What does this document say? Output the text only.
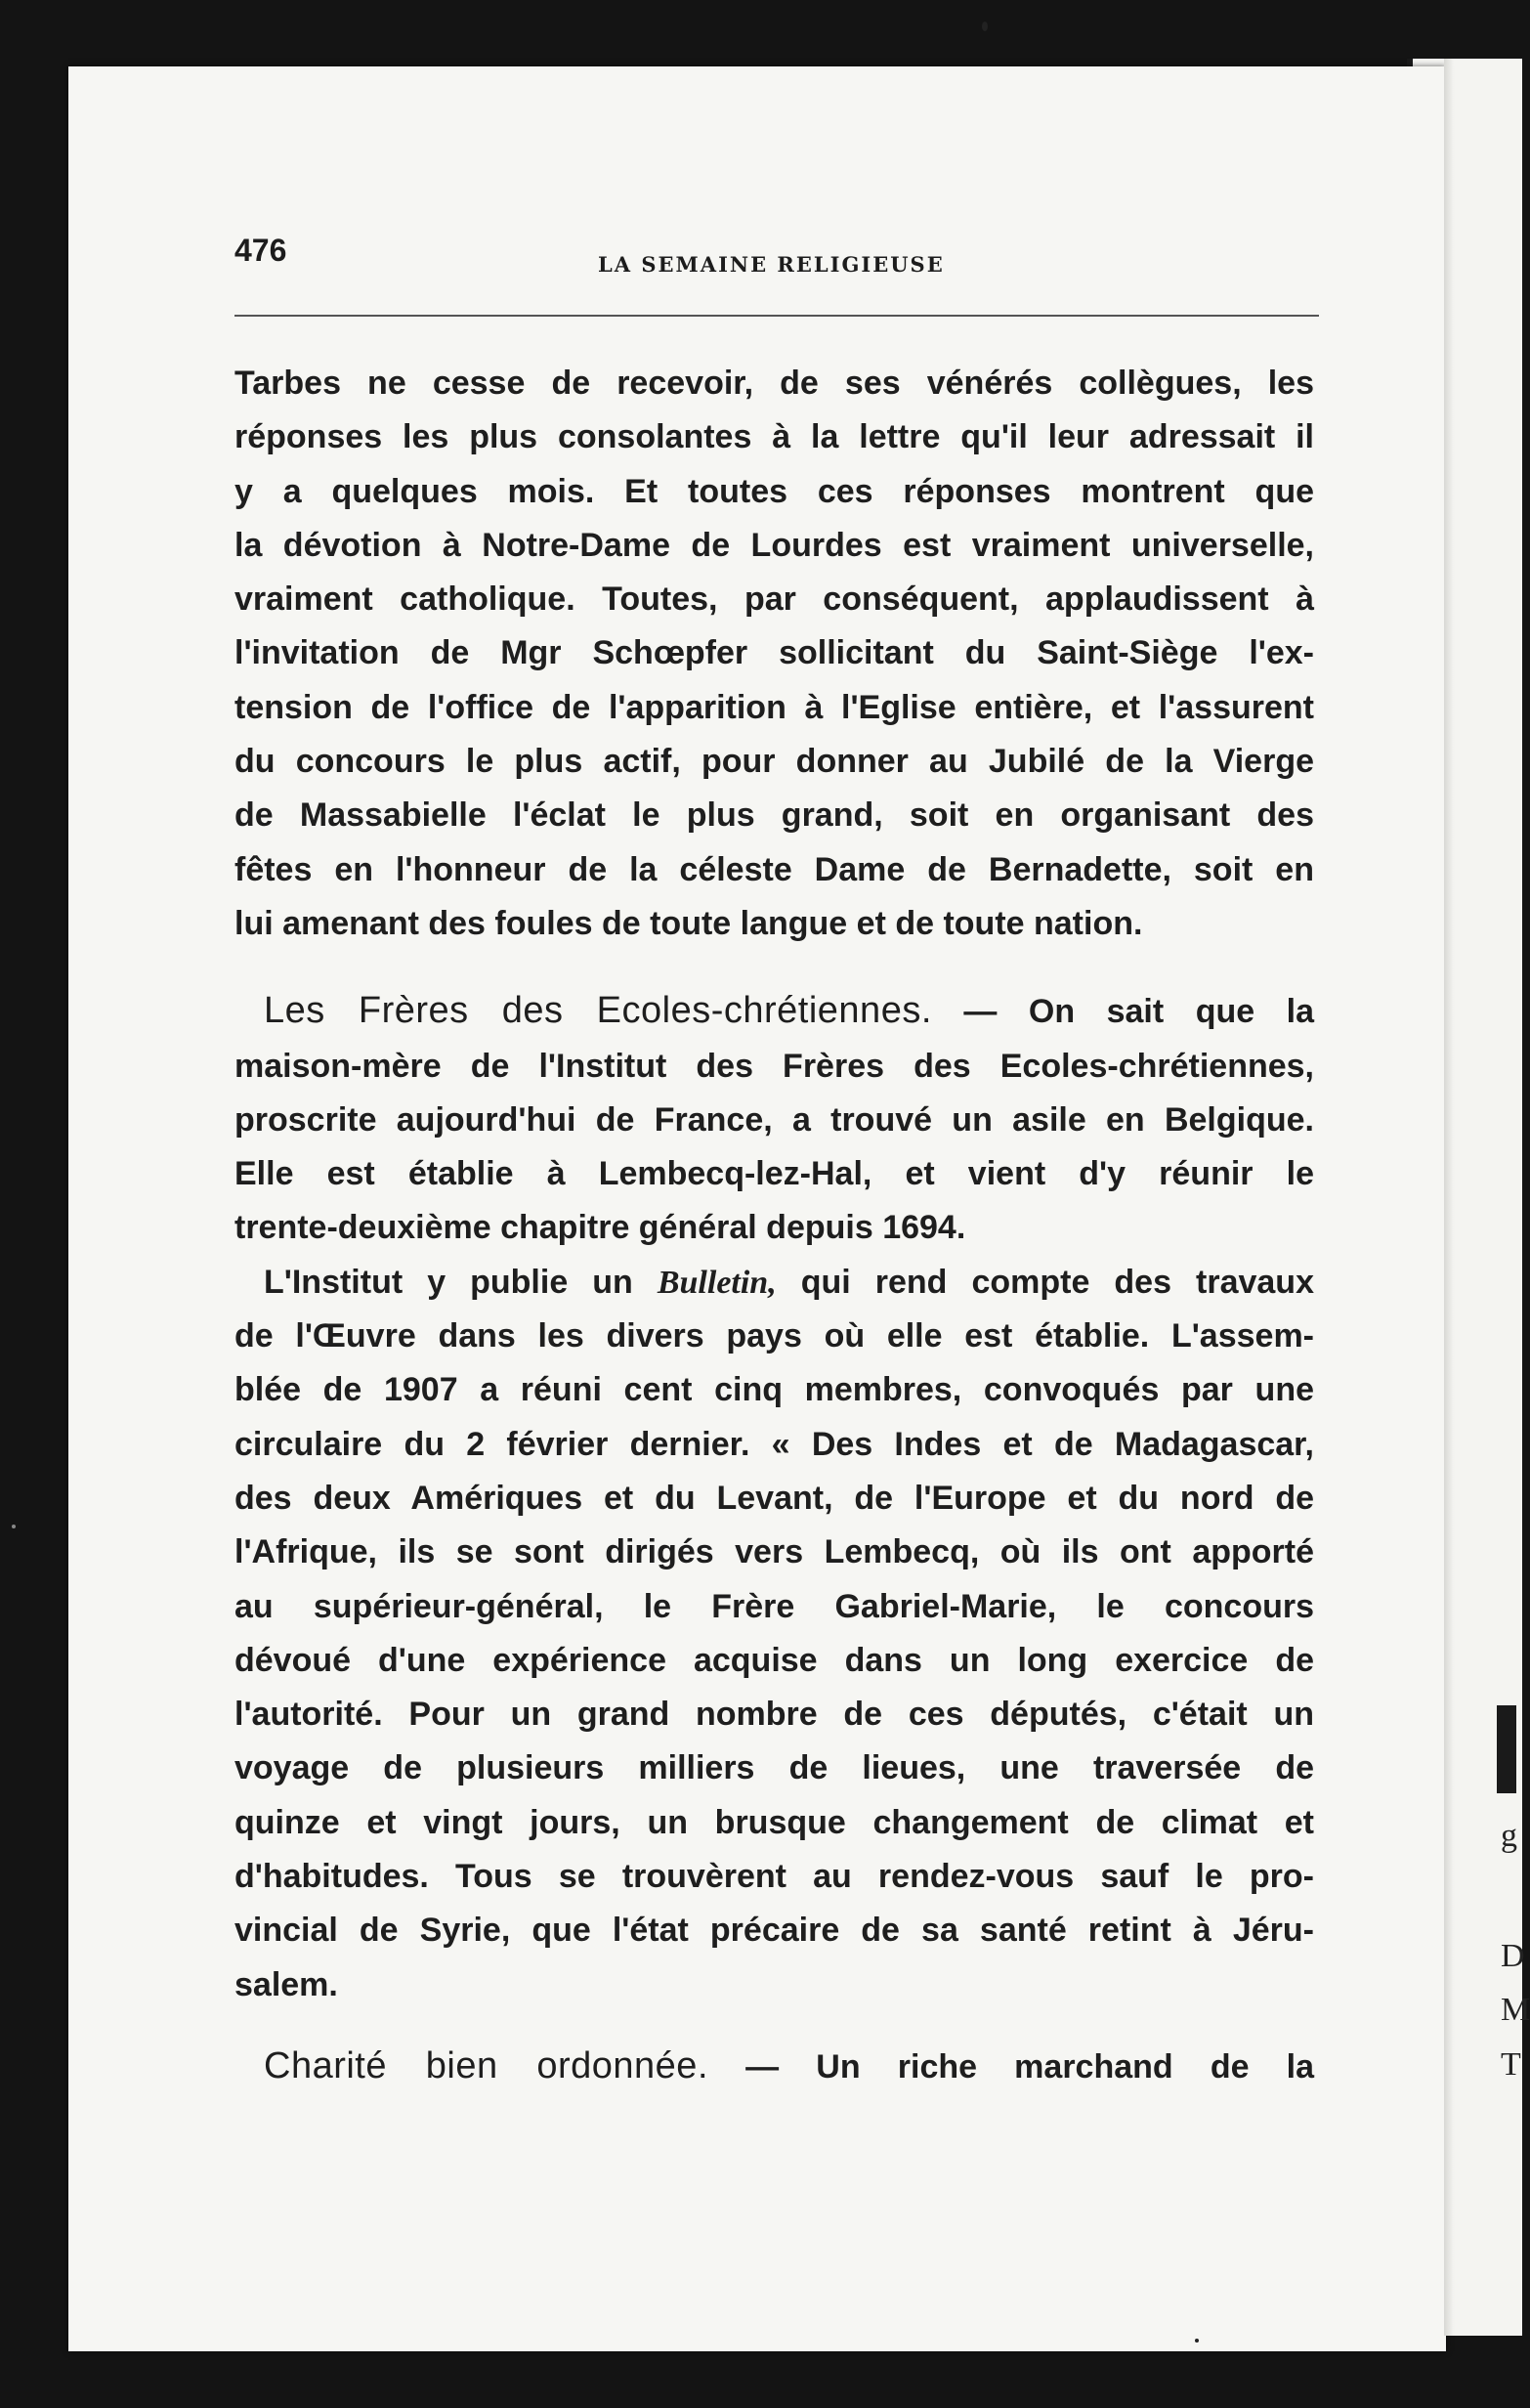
g
D
M
T
476	LA SEMAINE RELIGIEUSE
Tarbes ne cesse de recevoir, de ses vénérés collègues, les
réponses les plus consolantes à la lettre qu'il leur adressait il
y a quelques mois. Et toutes ces réponses montrent que
la dévotion à Notre-Dame de Lourdes est vraiment universelle,
vraiment catholique. Toutes, par conséquent, applaudissent à
l'invitation de Mgr Schœpfer sollicitant du Saint-Siège l'ex-
tension de l'office de l'apparition à l'Eglise entière, et l'assurent
du concours le plus actif, pour donner au Jubilé de la Vierge
de Massabielle l'éclat le plus grand, soit en organisant des
fêtes en l'honneur de la céleste Dame de Bernadette, soit en
lui amenant des foules de toute langue et de toute nation.
Les Frères des Ecoles-chrétiennes. — On sait que la
maison-mère de l'Institut des Frères des Ecoles-chrétiennes,
proscrite aujourd'hui de France, a trouvé un asile en Belgique.
Elle est établie à Lembecq-lez-Hal, et vient d'y réunir le
trente-deuxième chapitre général depuis 1694.
L'Institut y publie un Bulletin, qui rend compte des travaux
de l'Œuvre dans les divers pays où elle est établie. L'assem-
blée de 1907 a réuni cent cinq membres, convoqués par une
circulaire du 2 février dernier. « Des Indes et de Madagascar,
des deux Amériques et du Levant, de l'Europe et du nord de
l'Afrique, ils se sont dirigés vers Lembecq, où ils ont apporté
au supérieur-général, le Frère Gabriel-Marie, le concours
dévoué d'une expérience acquise dans un long exercice de
l'autorité. Pour un grand nombre de ces députés, c'était un
voyage de plusieurs milliers de lieues, une traversée de
quinze et vingt jours, un brusque changement de climat et
d'habitudes. Tous se trouvèrent au rendez-vous sauf le pro-
vincial de Syrie, que l'état précaire de sa santé retint à Jéru-
salem.
Charité bien ordonnée. — Un riche marchand de la
